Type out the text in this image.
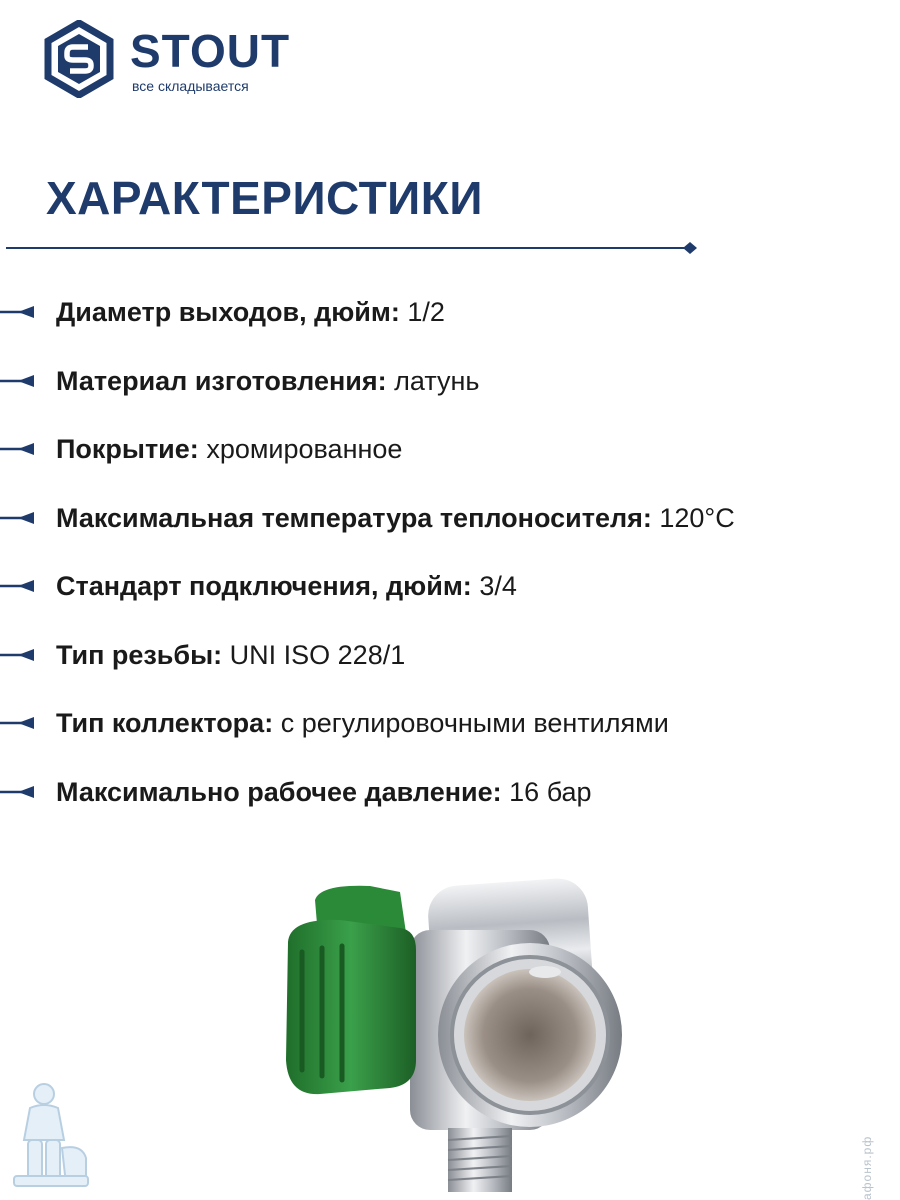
STOUT
все складывается
ХАРАКТЕРИСТИКИ
Диаметр выходов, дюйм: 1/2
Материал изготовления: латунь
Покрытие: хромированное
Максимальная температура теплоносителя: 120°C
Стандарт подключения, дюйм: 3/4
Тип резьбы: UNI ISO 228/1
Тип коллектора: с регулировочными вентилями
Максимально рабочее давление: 16 бар
афоня.рф
